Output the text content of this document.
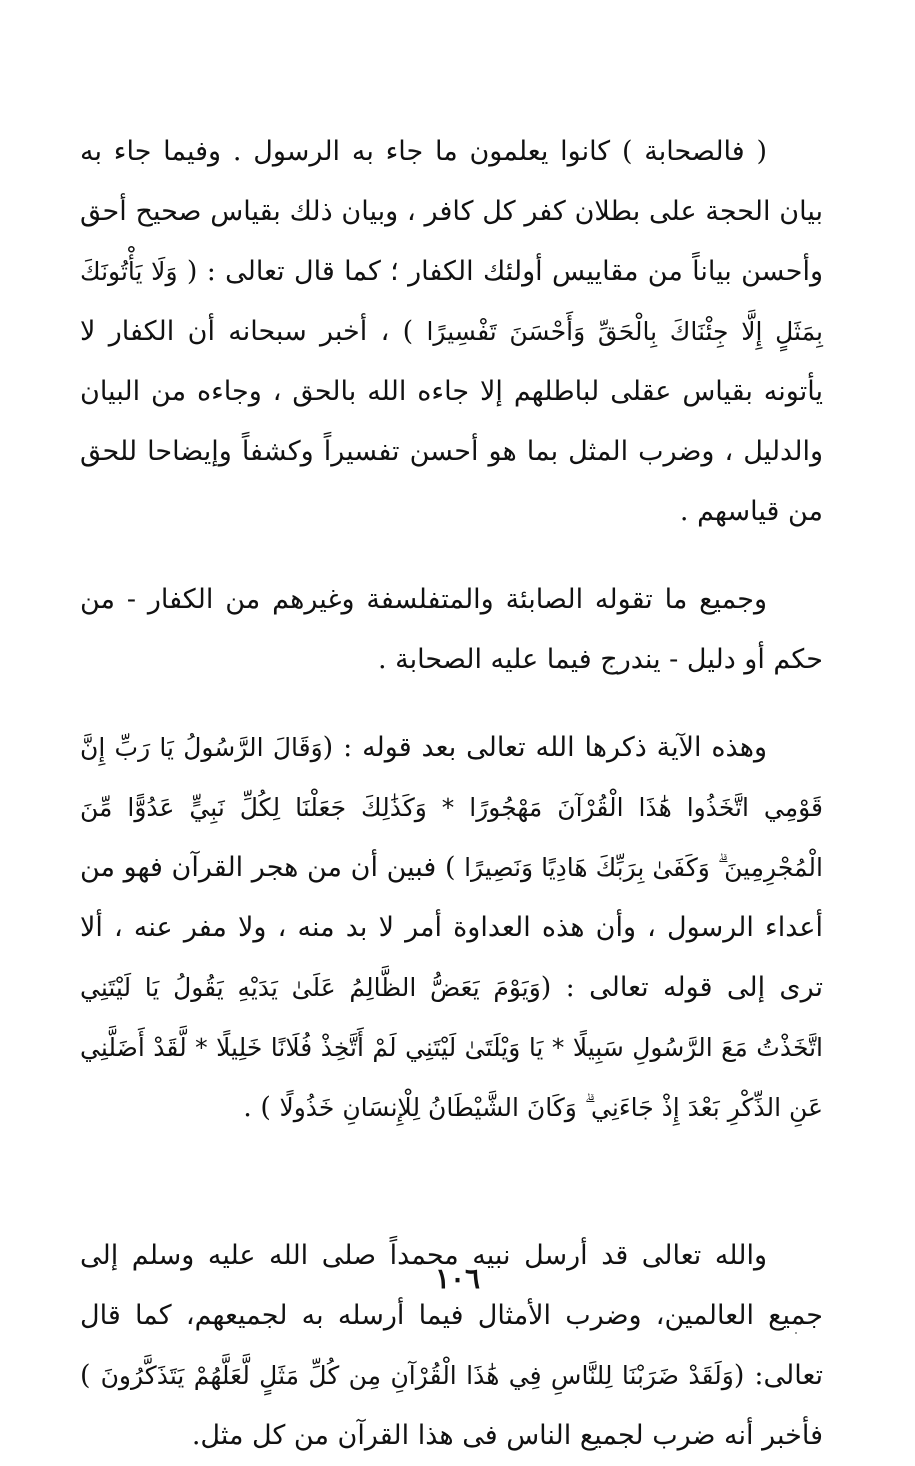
( فالصحابة ) كانوا يعلمون ما جاء به الرسول . وفيما جاء به بيان الحجة على بطلان كفر كل كافر ، وبيان ذلك بقياس صحيح أحق وأحسن بياناً من مقاييس أولئك الكفار ؛ كما قال تعالى : ( وَلَا يَأْتُونَكَ بِمَثَلٍ إِلَّا جِئْنَاكَ بِالْحَقِّ وَأَحْسَنَ تَفْسِيرًا ) ، أخبر سبحانه أن الكفار لا يأتونه بقياس عقلى لباطلهم إلا جاءه الله بالحق ، وجاءه من البيان والدليل ، وضرب المثل بما هو أحسن تفسيراً وكشفاً وإيضاحا للحق من قياسهم .

وجميع ما تقوله الصابئة والمتفلسفة وغيرهم من الكفار - من حكم أو دليل - يندرج فيما عليه الصحابة .

وهذه الآية ذكرها الله تعالى بعد قوله : (وَقَالَ الرَّسُولُ يَا رَبِّ إِنَّ قَوْمِي اتَّخَذُوا هَٰذَا الْقُرْآنَ مَهْجُورًا * وَكَذَٰلِكَ جَعَلْنَا لِكُلِّ نَبِيٍّ عَدُوًّا مِّنَ الْمُجْرِمِينَ ۗ وَكَفَىٰ بِرَبِّكَ هَادِيًا وَنَصِيرًا ) فبين أن من هجر القرآن فهو من أعداء الرسول ، وأن هذه العداوة أمر لا بد منه ، ولا مفر عنه ، ألا ترى إلى قوله تعالى : (وَيَوْمَ يَعَضُّ الظَّالِمُ عَلَىٰ يَدَيْهِ يَقُولُ يَا لَيْتَنِي اتَّخَذْتُ مَعَ الرَّسُولِ سَبِيلًا * يَا وَيْلَتَىٰ لَيْتَنِي لَمْ أَتَّخِذْ فُلَانًا خَلِيلًا * لَّقَدْ أَضَلَّنِي عَنِ الذِّكْرِ بَعْدَ إِذْ جَاءَنِي ۗ وَكَانَ الشَّيْطَانُ لِلْإِنسَانِ خَذُولًا ) .

والله تعالى قد أرسل نبيه محمداً صلى الله عليه وسلم إلى جميع العالمين، وضرب الأمثال فيما أرسله به لجميعهم، كما قال تعالى: (وَلَقَدْ ضَرَبْنَا لِلنَّاسِ فِي هَٰذَا الْقُرْآنِ مِن كُلِّ مَثَلٍ لَّعَلَّهُمْ يَتَذَكَّرُونَ ) فأخبر أنه ضرب لجميع الناس فى هذا القرآن من كل مثل.

١٠٦
